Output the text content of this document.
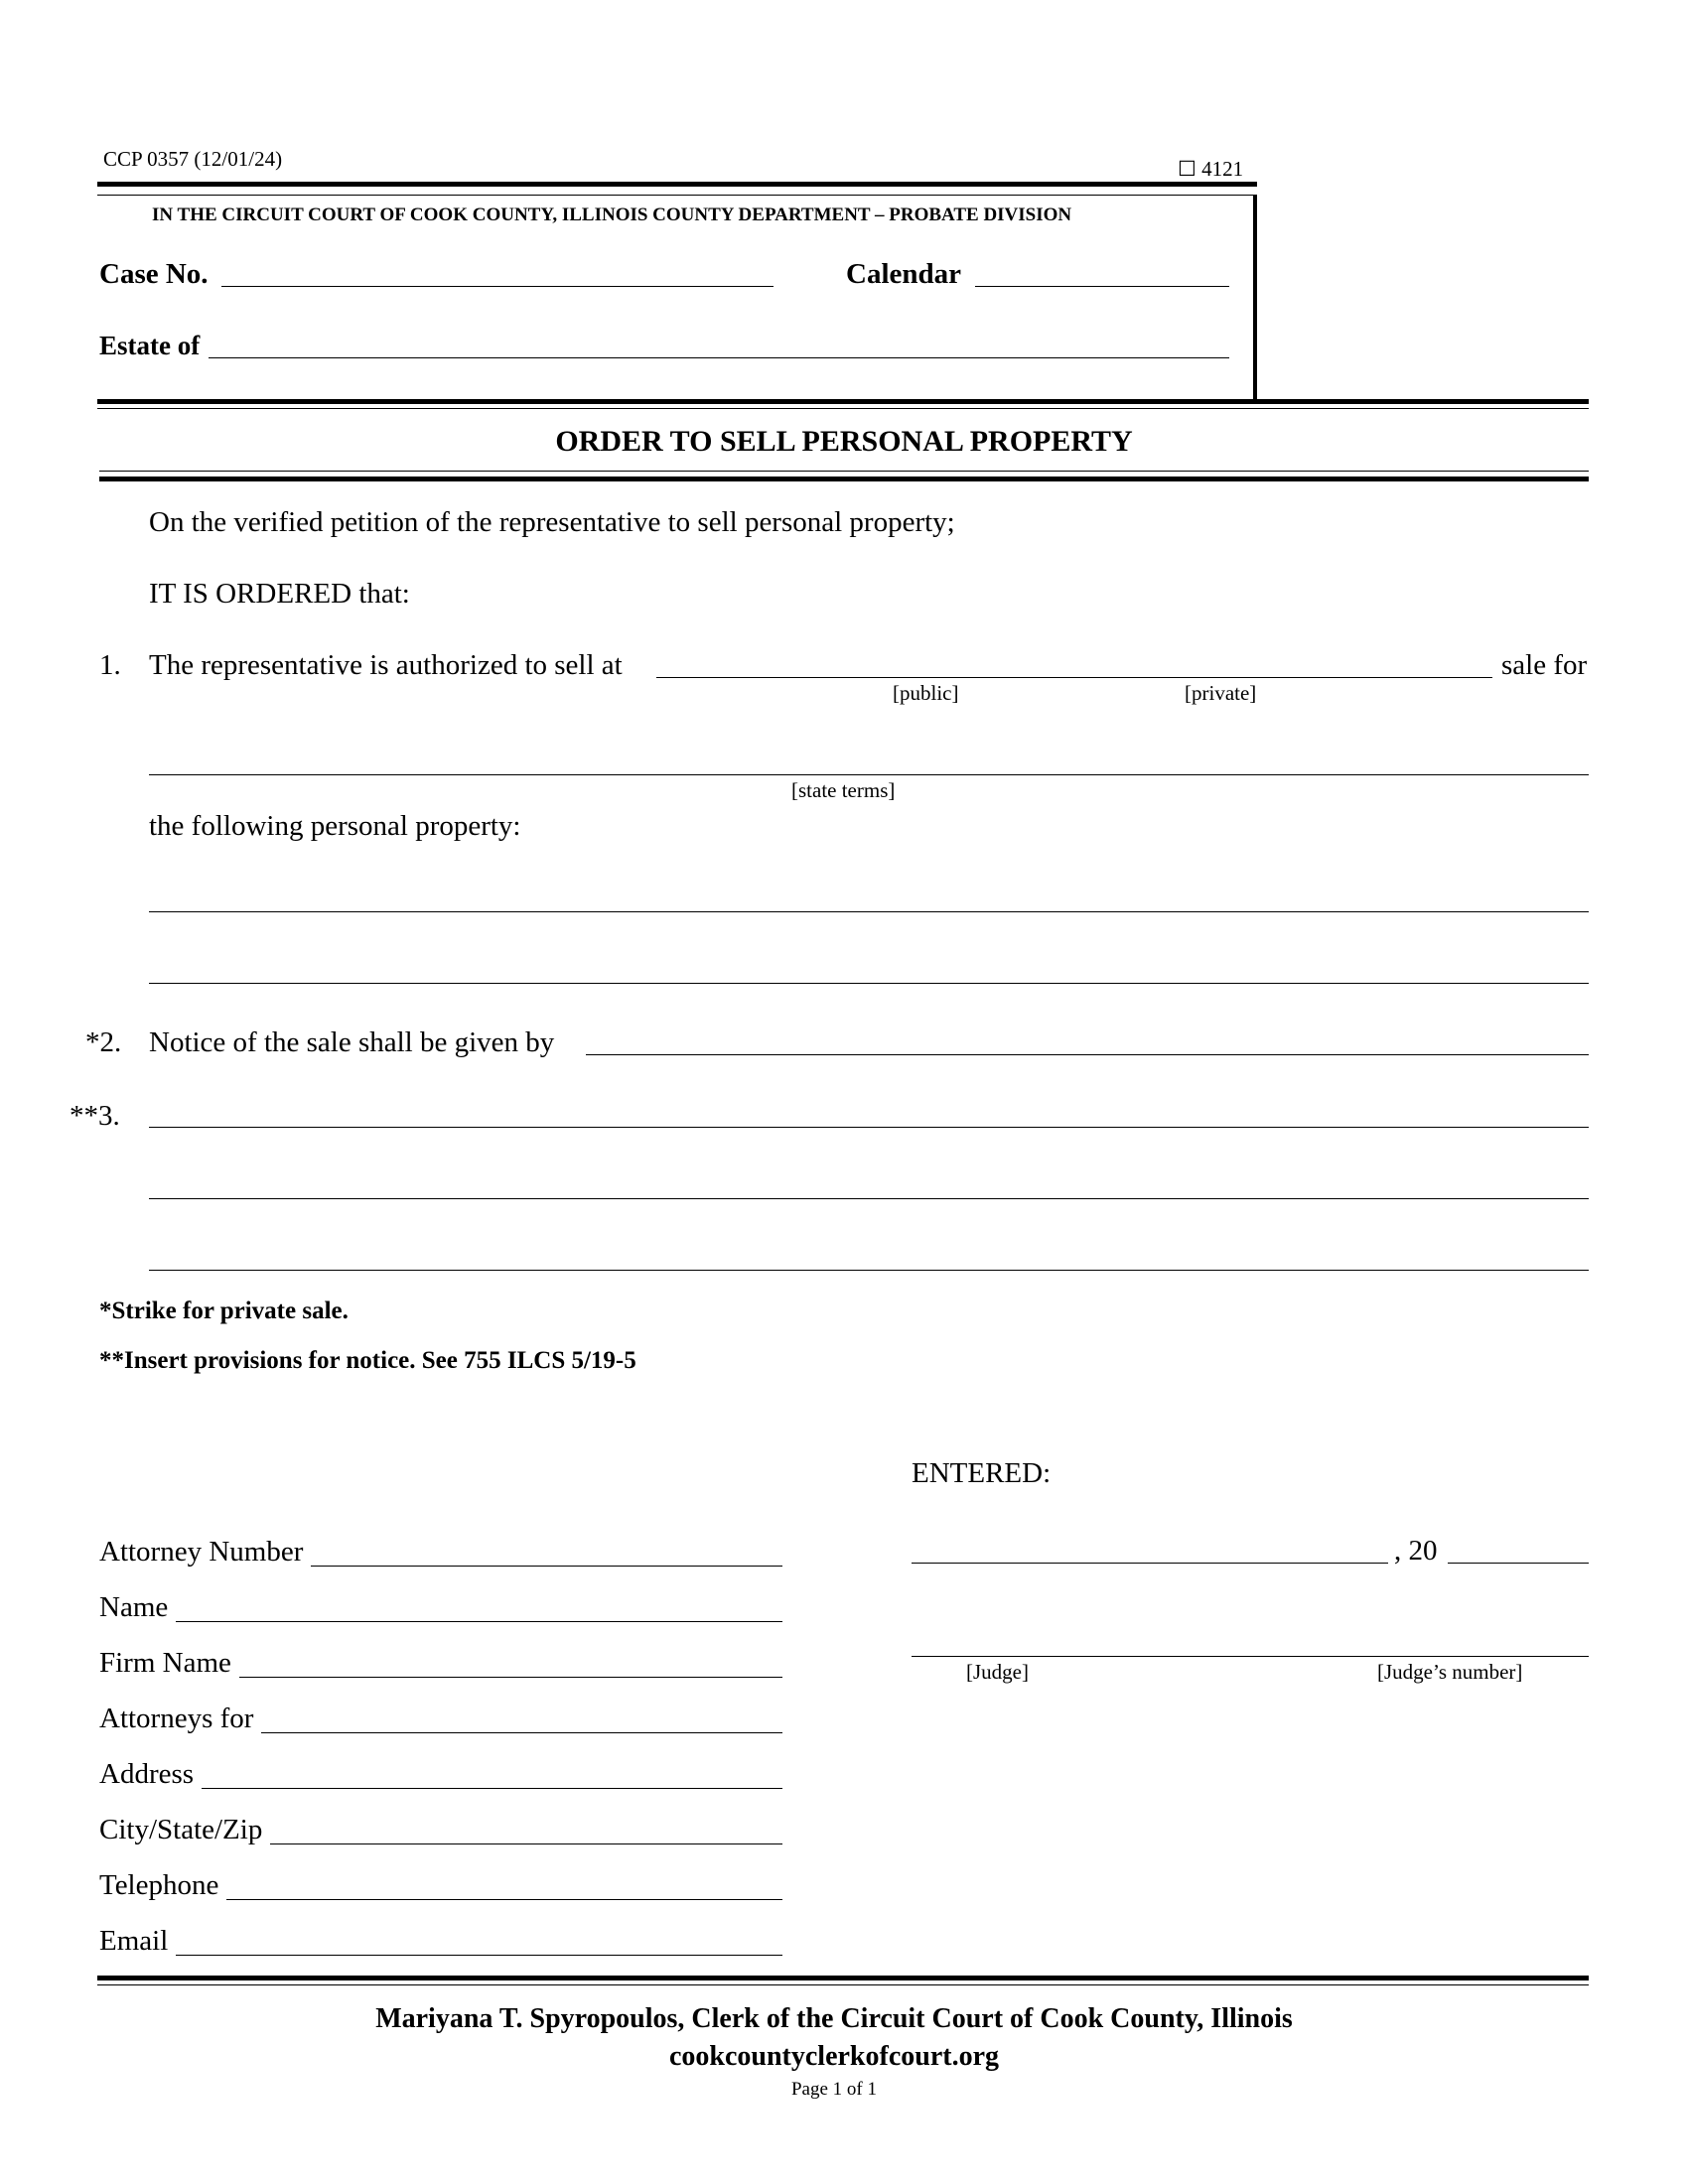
CCP 0357 (12/01/24)	☐ 4121
IN THE CIRCUIT COURT OF COOK COUNTY, ILLINOIS COUNTY DEPARTMENT – PROBATE DIVISION
Case No.	Calendar
Estate of
ORDER TO SELL PERSONAL PROPERTY
On the verified petition of the representative to sell personal property;
IT IS ORDERED that:
1. The representative is authorized to sell at	sale for
[public]	[private]
[state terms]
the following personal property:
*2. Notice of the sale shall be given by
**3.
*Strike for private sale.
**Insert provisions for notice. See 755 ILCS 5/19-5
ENTERED:
, 20
[Judge]	[Judge’s number]
Attorney Number
Name
Firm Name
Attorneys for
Address
City/State/Zip
Telephone
Email
Mariyana T. Spyropoulos, Clerk of the Circuit Court of Cook County, Illinois
cookcountyclerkofcourt.org
Page 1 of 1
